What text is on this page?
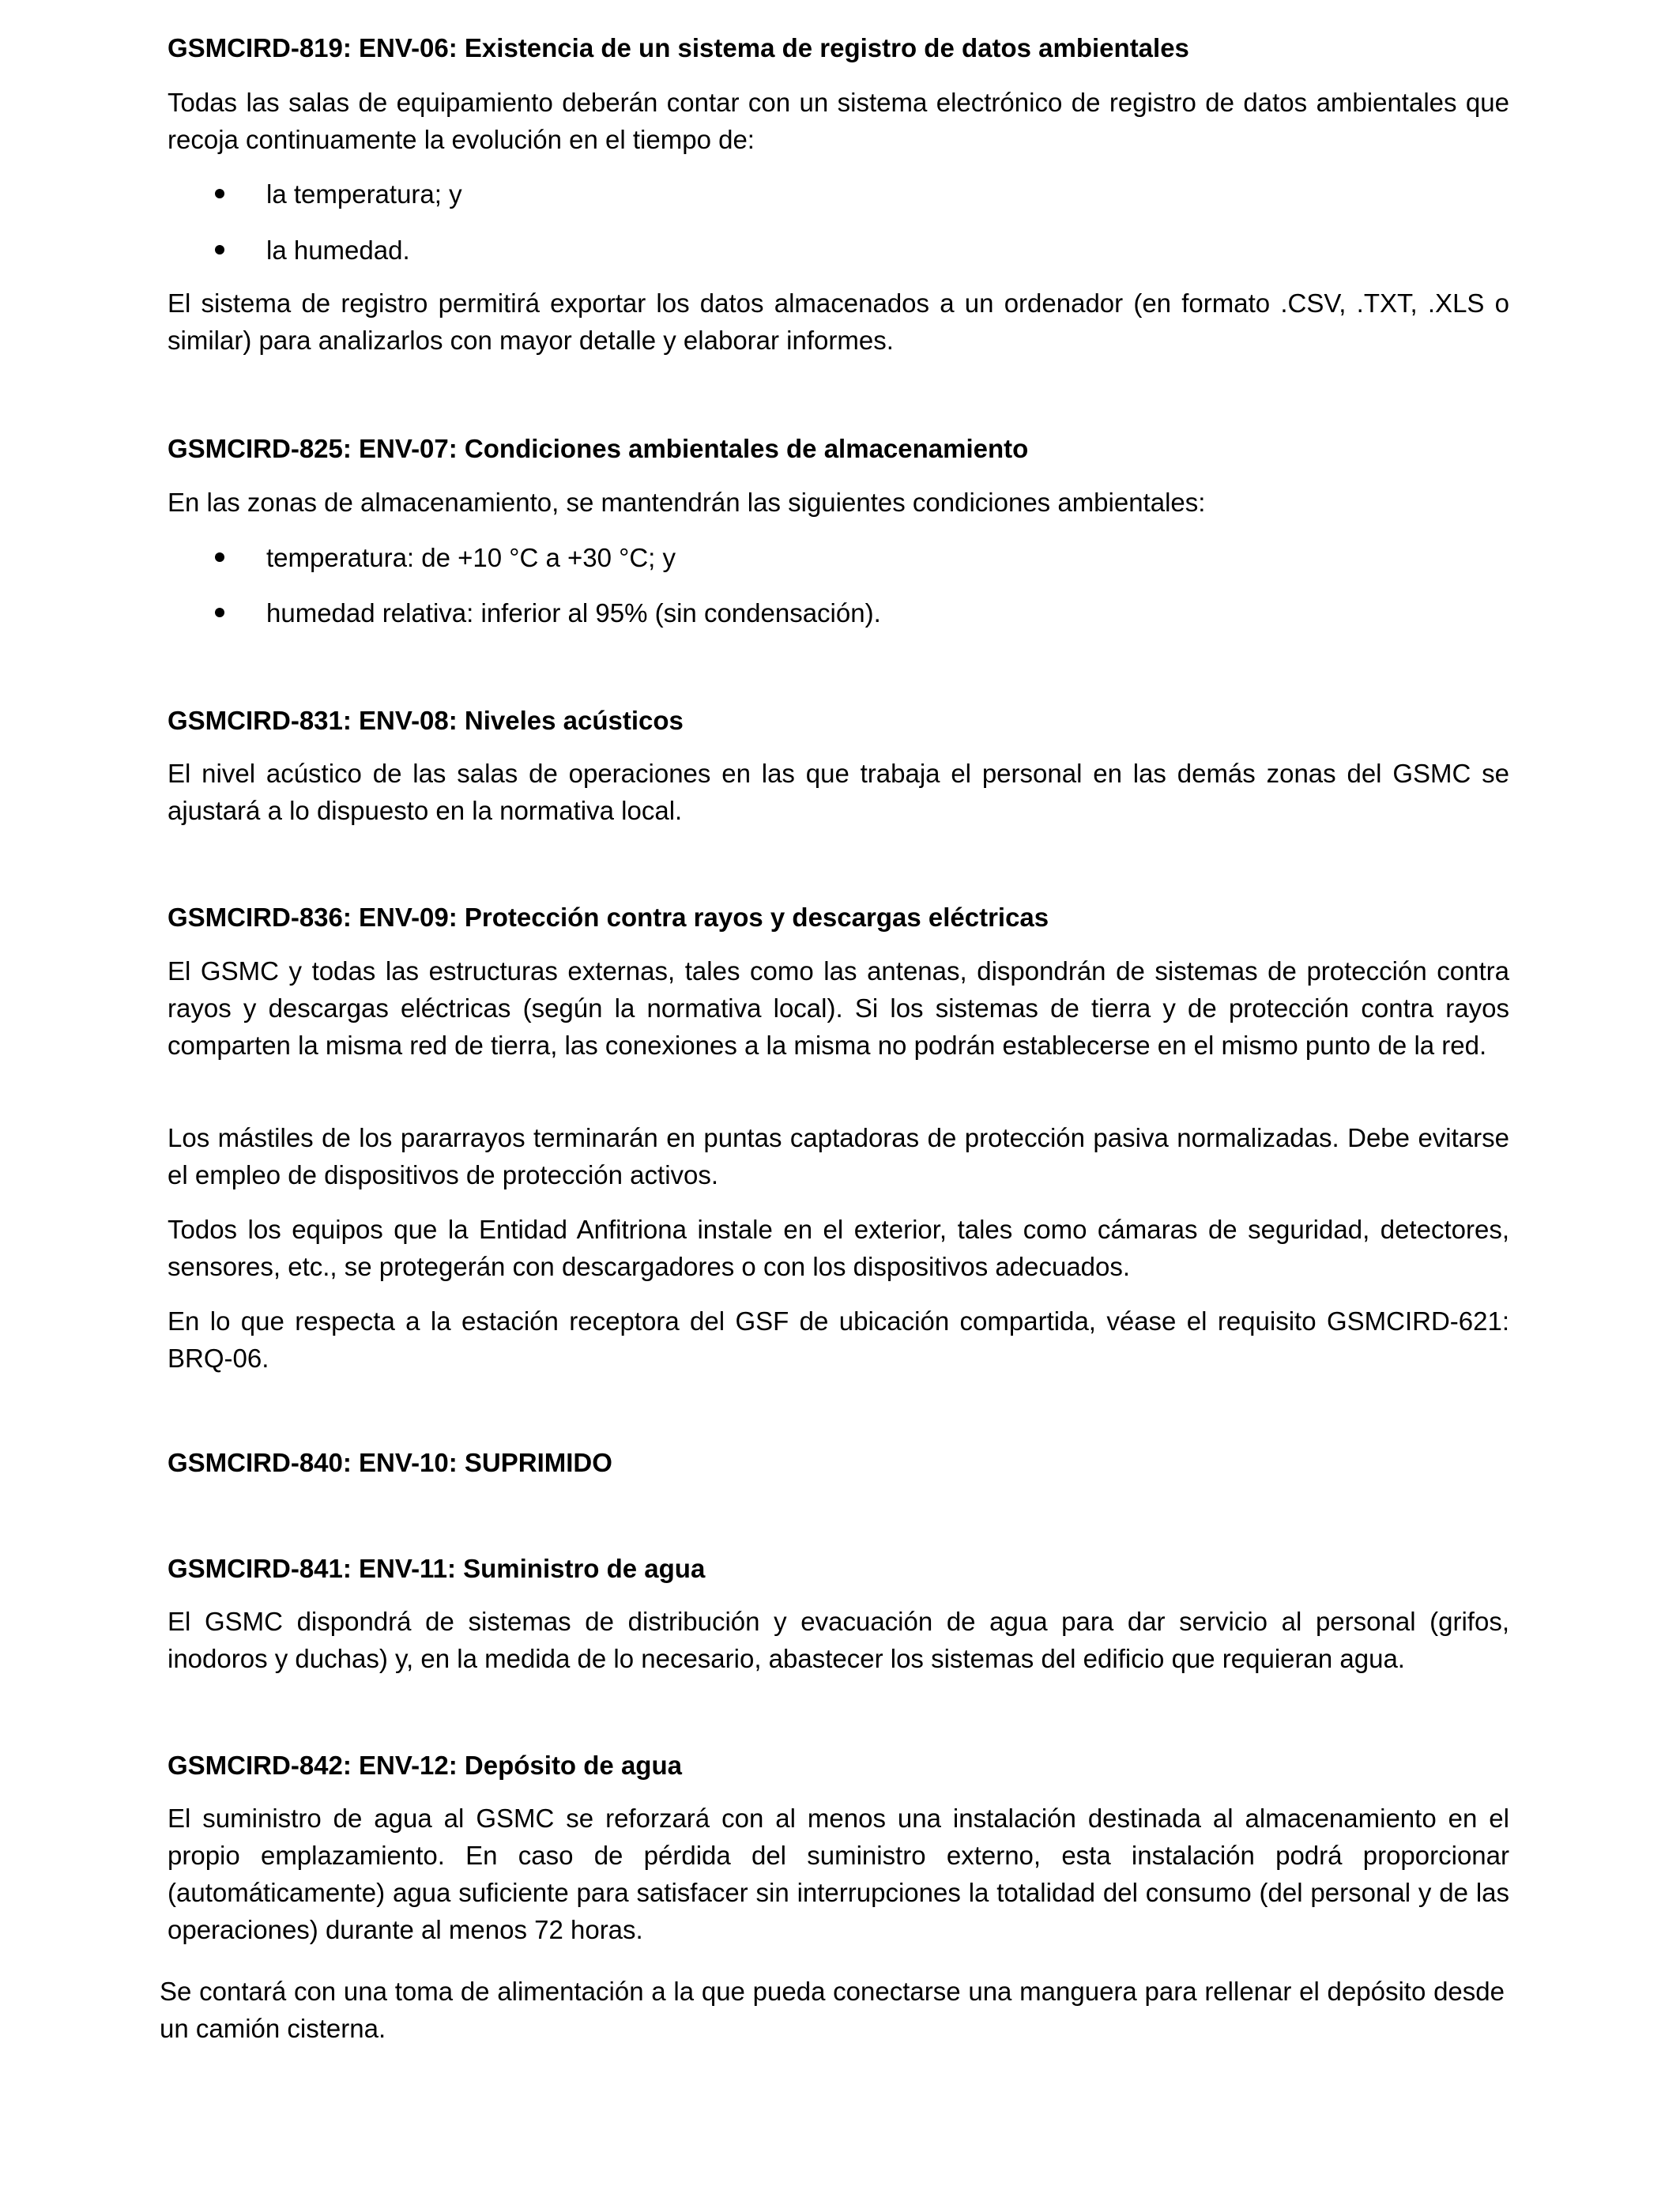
GSMCIRD-819: ENV-06: Existencia de un sistema de registro de datos ambientales

Todas las salas de equipamiento deberán contar con un sistema electrónico de registro de datos ambientales que recoja continuamente la evolución en el tiempo de:

la temperatura; y
la humedad.

El sistema de registro permitirá exportar los datos almacenados a un ordenador (en formato .CSV, .TXT, .XLS o similar) para analizarlos con mayor detalle y elaborar informes.

GSMCIRD-825: ENV-07: Condiciones ambientales de almacenamiento

En las zonas de almacenamiento, se mantendrán las siguientes condiciones ambientales:

temperatura: de +10 °C a +30 °C; y
humedad relativa: inferior al 95% (sin condensación).
GSMCIRD-831: ENV-08: Niveles acústicos

El nivel acústico de las salas de operaciones en las que trabaja el personal en las demás zonas del GSMC se ajustará a lo dispuesto en la normativa local.

GSMCIRD-836: ENV-09: Protección contra rayos y descargas eléctricas

El GSMC y todas las estructuras externas, tales como las antenas, dispondrán de sistemas de protección contra rayos y descargas eléctricas (según la normativa local). Si los sistemas de tierra y de protección contra rayos comparten la misma red de tierra, las conexiones a la misma no podrán establecerse en el mismo punto de la red.

Los mástiles de los pararrayos terminarán en puntas captadoras de protección pasiva normalizadas. Debe evitarse el empleo de dispositivos de protección activos.

Todos los equipos que la Entidad Anfitriona instale en el exterior, tales como cámaras de seguridad, detectores, sensores, etc., se protegerán con descargadores o con los dispositivos adecuados.

En lo que respecta a la estación receptora del GSF de ubicación compartida, véase el requisito GSMCIRD-621: BRQ-06.

GSMCIRD-840: ENV-10: SUPRIMIDO
GSMCIRD-841: ENV-11: Suministro de agua

El GSMC dispondrá de sistemas de distribución y evacuación de agua para dar servicio al personal (grifos, inodoros y duchas) y, en la medida de lo necesario, abastecer los sistemas del edificio que requieran agua.

GSMCIRD-842: ENV-12: Depósito de agua

El suministro de agua al GSMC se reforzará con al menos una instalación destinada al almacenamiento en el propio emplazamiento. En caso de pérdida del suministro externo, esta instalación podrá proporcionar (automáticamente) agua suficiente para satisfacer sin interrupciones la totalidad del consumo (del personal y de las operaciones) durante al menos 72 horas.

Se contará con una toma de alimentación a la que pueda conectarse una manguera para rellenar el depósito desde un camión cisterna.
